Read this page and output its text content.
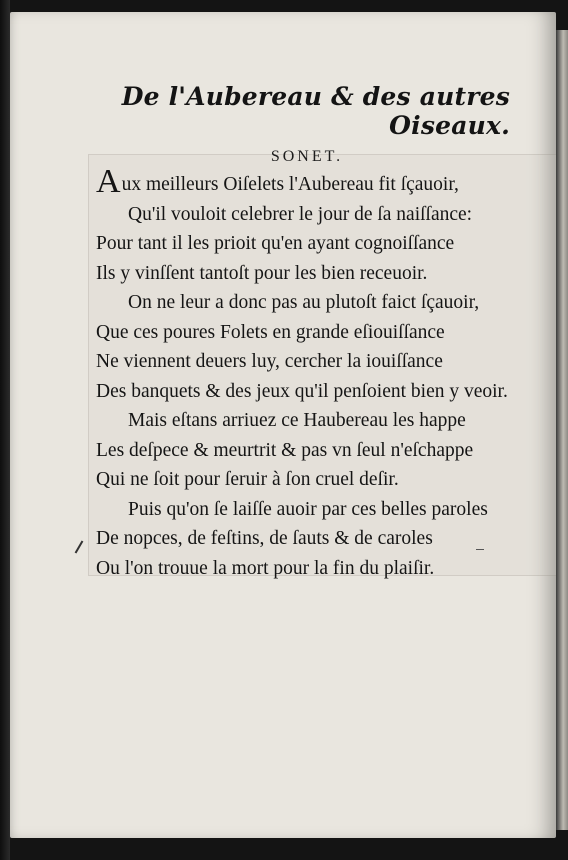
De l'Aubereau & des autres Oiseaux.
SONET.
Aux meilleurs Oiſelets l'Aubereau fit ſçauoir,
Qu'il vouloit celebrer le jour de ſa naiſſance:
Pour tant il les prioit qu'en ayant cognoiſſance
Ils y vinſſent tantoſt pour les bien receuoir.
On ne leur a donc pas au plutoſt faict ſçauoir,
Que ces poures Folets en grande eſiouiſſance
Ne viennent deuers luy, cercher la iouiſſance
Des banquets & des jeux qu'il penſoient bien y veoir.
Mais eſtans arriuez ce Haubereau les happe
Les deſpece & meurtrit & pas vn ſeul n'eſchappe
Qui ne ſoit pour ſeruir à ſon cruel deſir.
Puis qu'on ſe laiſſe auoir par ces belles paroles
De nopces, de feſtins, de ſauts & de caroles
Ou l'on trouue la mort pour la fin du plaiſir.
